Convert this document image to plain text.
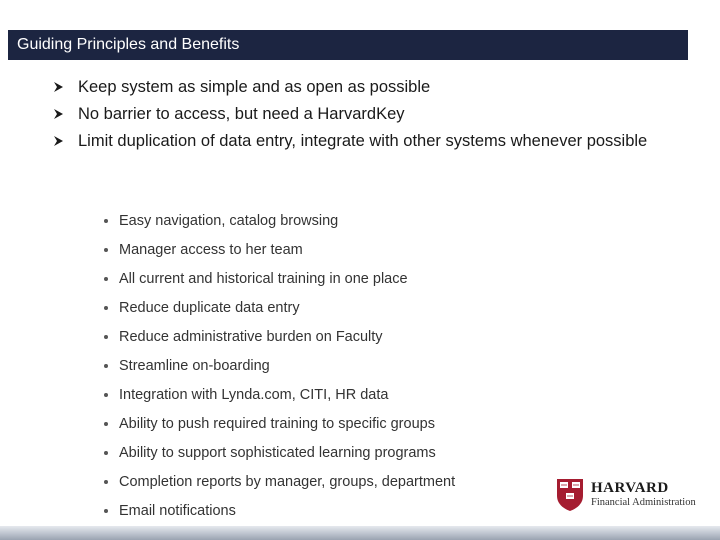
Guiding Principles and Benefits
Keep system as simple and as open as possible
No barrier to access, but need a HarvardKey
Limit duplication of data entry, integrate with other systems whenever possible
Easy navigation, catalog browsing
Manager access to her team
All current and historical training in one place
Reduce duplicate data entry
Reduce administrative burden on Faculty
Streamline on-boarding
Integration with Lynda.com, CITI, HR data
Ability to push required training to specific groups
Ability to support sophisticated learning programs
Completion reports by manager, groups, department
Email notifications
HARVARD
Financial Administration
